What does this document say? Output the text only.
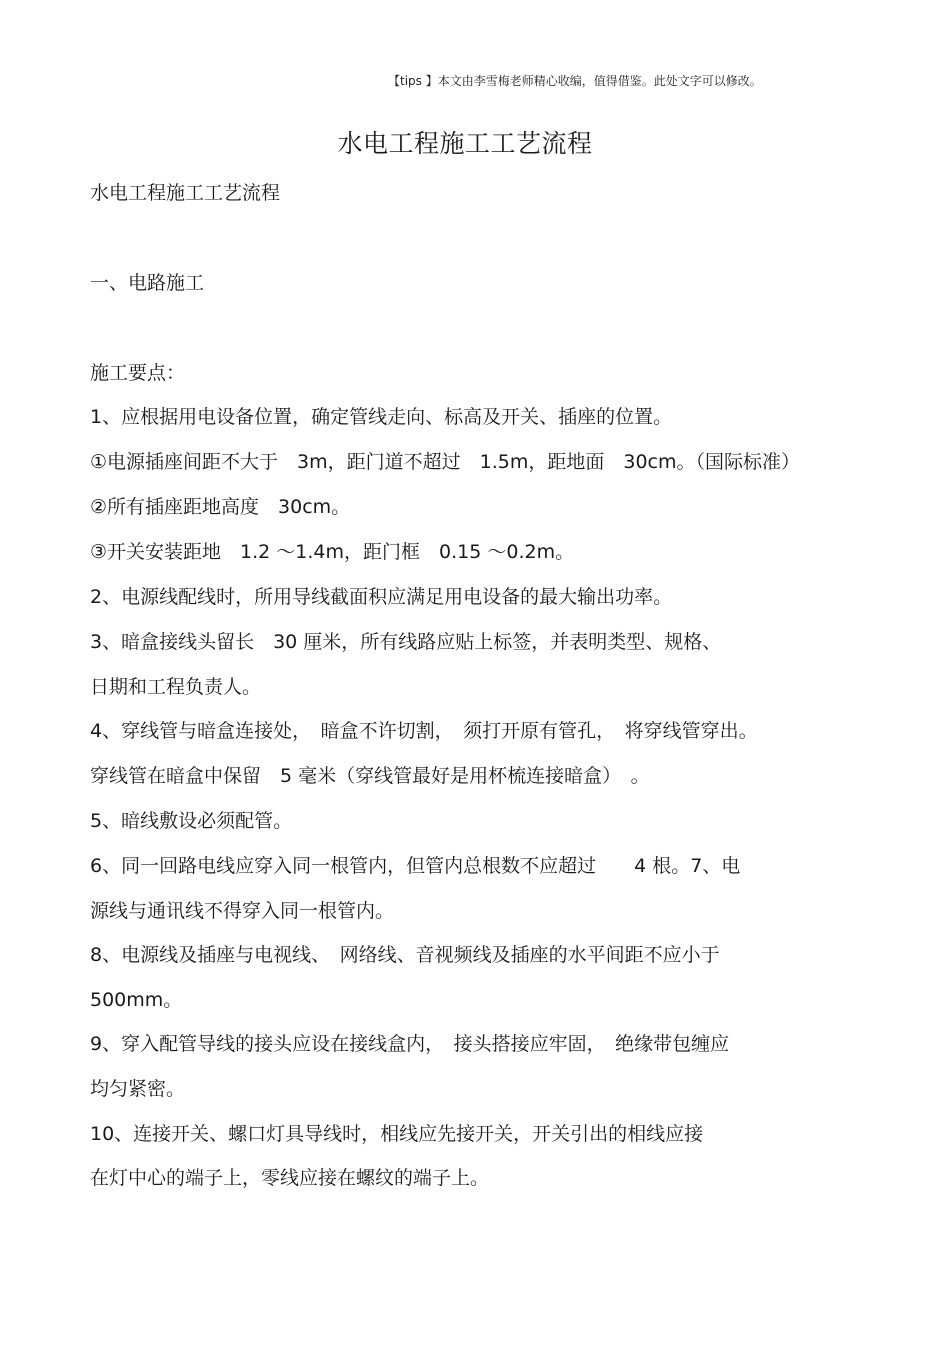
【tips 】本文由李雪梅老师精心收编，值得借鉴。此处文字可以修改。
水电工程施工工艺流程
水电工程施工工艺流程
一、电路施工
施工要点：
1、应根据用电设备位置，确定管线走向、标高及开关、插座的位置。
①电源插座间距不大于　3m，距门道不超过　1.5m，距地面　30cm。（国际标准）
②所有插座距地高度　30cm。
③开关安装距地　1.2 ～1.4m，距门框　0.15 ～0.2m。
2、电源线配线时，所用导线截面积应满足用电设备的最大输出功率。
3、暗盒接线头留长　30 厘米，所有线路应贴上标签，并表明类型、规格、
日期和工程负责人。
4、穿线管与暗盒连接处，　暗盒不许切割，　须打开原有管孔，　将穿线管穿出。
穿线管在暗盒中保留　5 毫米（穿线管最好是用杯梳连接暗盒）　。
5、暗线敷设必须配管。
6、同一回路电线应穿入同一根管内，但管内总根数不应超过　　4 根。7、电
源线与通讯线不得穿入同一根管内。
8、电源线及插座与电视线、　网络线、音视频线及插座的水平间距不应小于
500mm。
9、穿入配管导线的接头应设在接线盒内，　接头搭接应牢固，　绝缘带包缠应
均匀紧密。
10、连接开关、螺口灯具导线时，相线应先接开关，开关引出的相线应接
在灯中心的端子上，零线应接在螺纹的端子上。
